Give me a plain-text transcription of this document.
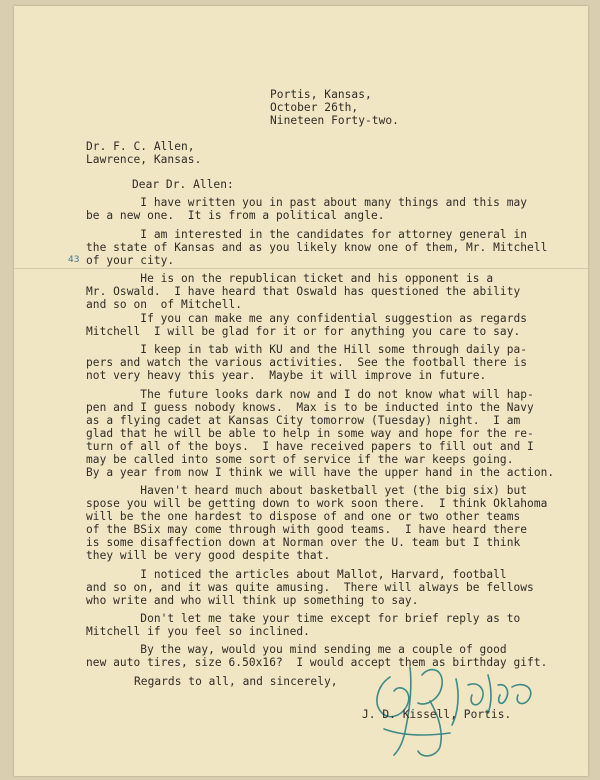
Portis, Kansas,
October 26th,
Nineteen Forty-two.
Dr. F. C. Allen,
Lawrence, Kansas.
Dear Dr. Allen:
I have written you in past about many things and this may
be a new one.  It is from a political angle.
I am interested in the candidates for attorney general in
the state of Kansas and as you likely know one of them, Mr. Mitchell
of your city.
43
He is on the republican ticket and his opponent is a
Mr. Oswald.  I have heard that Oswald has questioned the ability
and so on  of Mitchell.
If you can make me any confidential suggestion as regards
Mitchell  I will be glad for it or for anything you care to say.
I keep in tab with KU and the Hill some through daily pa-
pers and watch the various activities.  See the football there is
not very heavy this year.  Maybe it will improve in future.
The future looks dark now and I do not know what will hap-
pen and I guess nobody knows.  Max is to be inducted into the Navy
as a flying cadet at Kansas City tomorrow (Tuesday) night.  I am
glad that he will be able to help in some way and hope for the re-
turn of all of the boys.  I have received papers to fill out and I
may be called into some sort of service if the war keeps going.
By a year from now I think we will have the upper hand in the action.
Haven't heard much about basketball yet (the big six) but
spose you will be getting down to work soon there.  I think Oklahoma
will be the one hardest to dispose of and one or two other teams
of the BSix may come through with good teams.  I have heard there
is some disaffection down at Norman over the U. team but I think
they will be very good despite that.
I noticed the articles about Mallot, Harvard, football
and so on, and it was quite amusing.  There will always be fellows
who write and who will think up something to say.
Don't let me take your time except for brief reply as to
Mitchell if you feel so inclined.
By the way, would you mind sending me a couple of good
new auto tires, size 6.50x16?  I would accept them as birthday gift.
Regards to all, and sincerely,
J. D. Kissell, Portis.
